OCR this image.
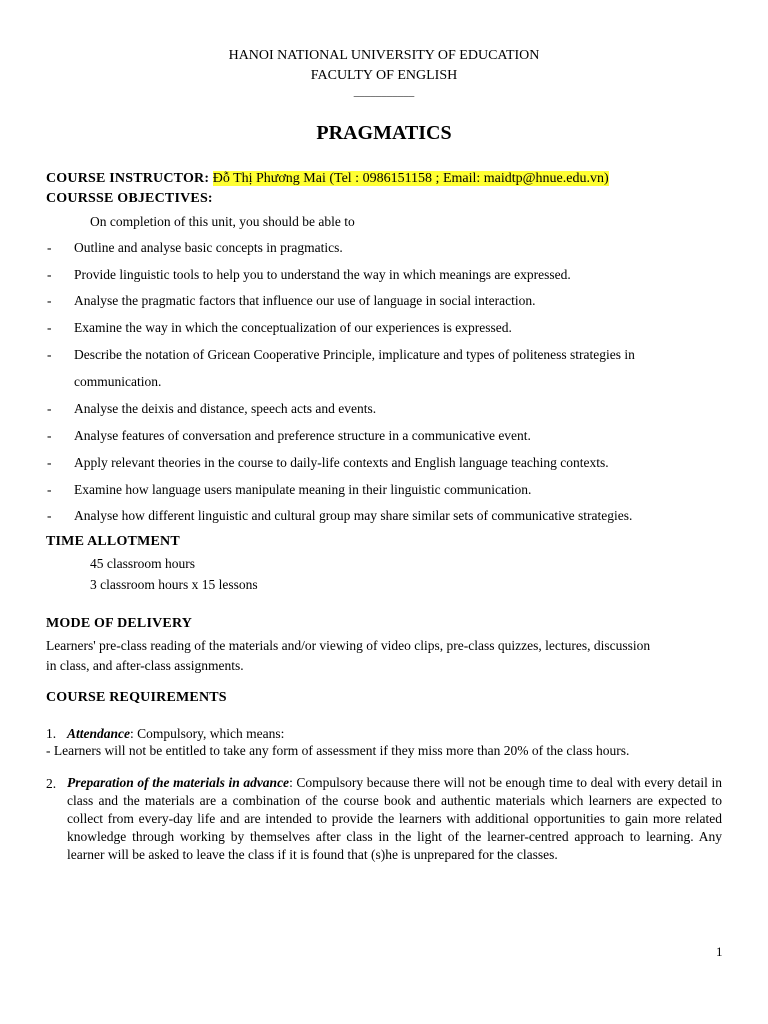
HANOI NATIONAL UNIVERSITY OF EDUCATION
FACULTY OF ENGLISH
___________
PRAGMATICS
COURSE INSTRUCTOR: Đỗ Thị Phương Mai (Tel : 0986151158 ; Email: maidtp@hnue.edu.vn)
COURSSE OBJECTIVES:
On completion of this unit, you should be able to
- Outline and analyse basic concepts in pragmatics.
- Provide linguistic tools to help you to understand the way in which meanings are expressed.
- Analyse the pragmatic factors that influence our use of language in social interaction.
- Examine the way in which the conceptualization of our experiences is expressed.
- Describe the notation of Gricean Cooperative Principle, implicature and types of politeness strategies in
communication.
- Analyse the deixis and distance, speech acts and events.
- Analyse features of conversation and preference structure in a communicative event.
- Apply relevant theories in the course to daily-life contexts and English language teaching contexts.
- Examine how language users manipulate meaning in their linguistic communication.
- Analyse how different linguistic and cultural group may share similar sets of communicative strategies.
TIME ALLOTMENT
45 classroom hours
3 classroom hours x 15 lessons
MODE OF DELIVERY
Learners' pre-class reading of the materials and/or viewing of video clips, pre-class quizzes, lectures, discussion
in class, and after-class assignments.
COURSE REQUIREMENTS
1. Attendance: Compulsory, which means:
- Learners will not be entitled to take any form of assessment if they miss more than 20% of the class hours.
2. Preparation of the materials in advance: Compulsory because there will not be enough time to deal with every detail in class and the materials are a combination of the course book and authentic materials which learners are expected to collect from every-day life and are intended to provide the learners with additional opportunities to gain more related knowledge through working by themselves after class in the light of the learner-centred approach to learning. Any learner will be asked to leave the class if it is found that (s)he is unprepared for the classes.
1
